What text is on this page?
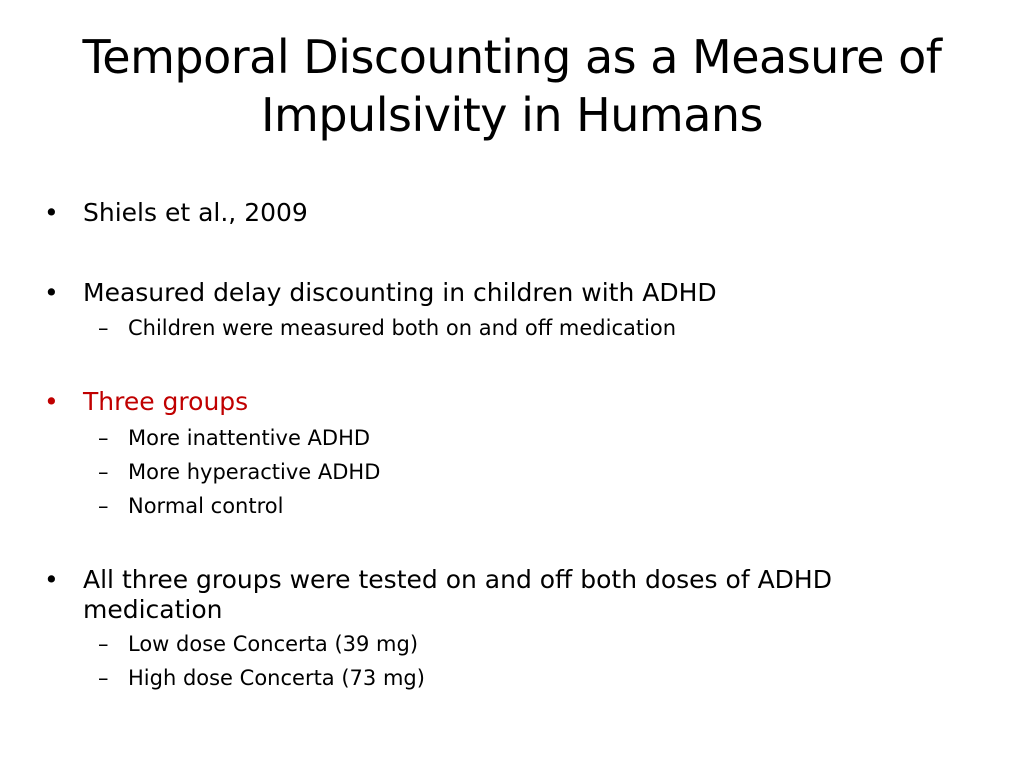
Temporal Discounting as a Measure of
Impulsivity in Humans
• Shiels et al., 2009
• Measured delay discounting in children with ADHD
– Children were measured both on and off medication
• Three groups
– More inattentive ADHD
– More hyperactive ADHD
– Normal control
• All three groups were tested on and off both doses of ADHD
medication
– Low dose Concerta (39 mg)
– High dose Concerta (73 mg)
